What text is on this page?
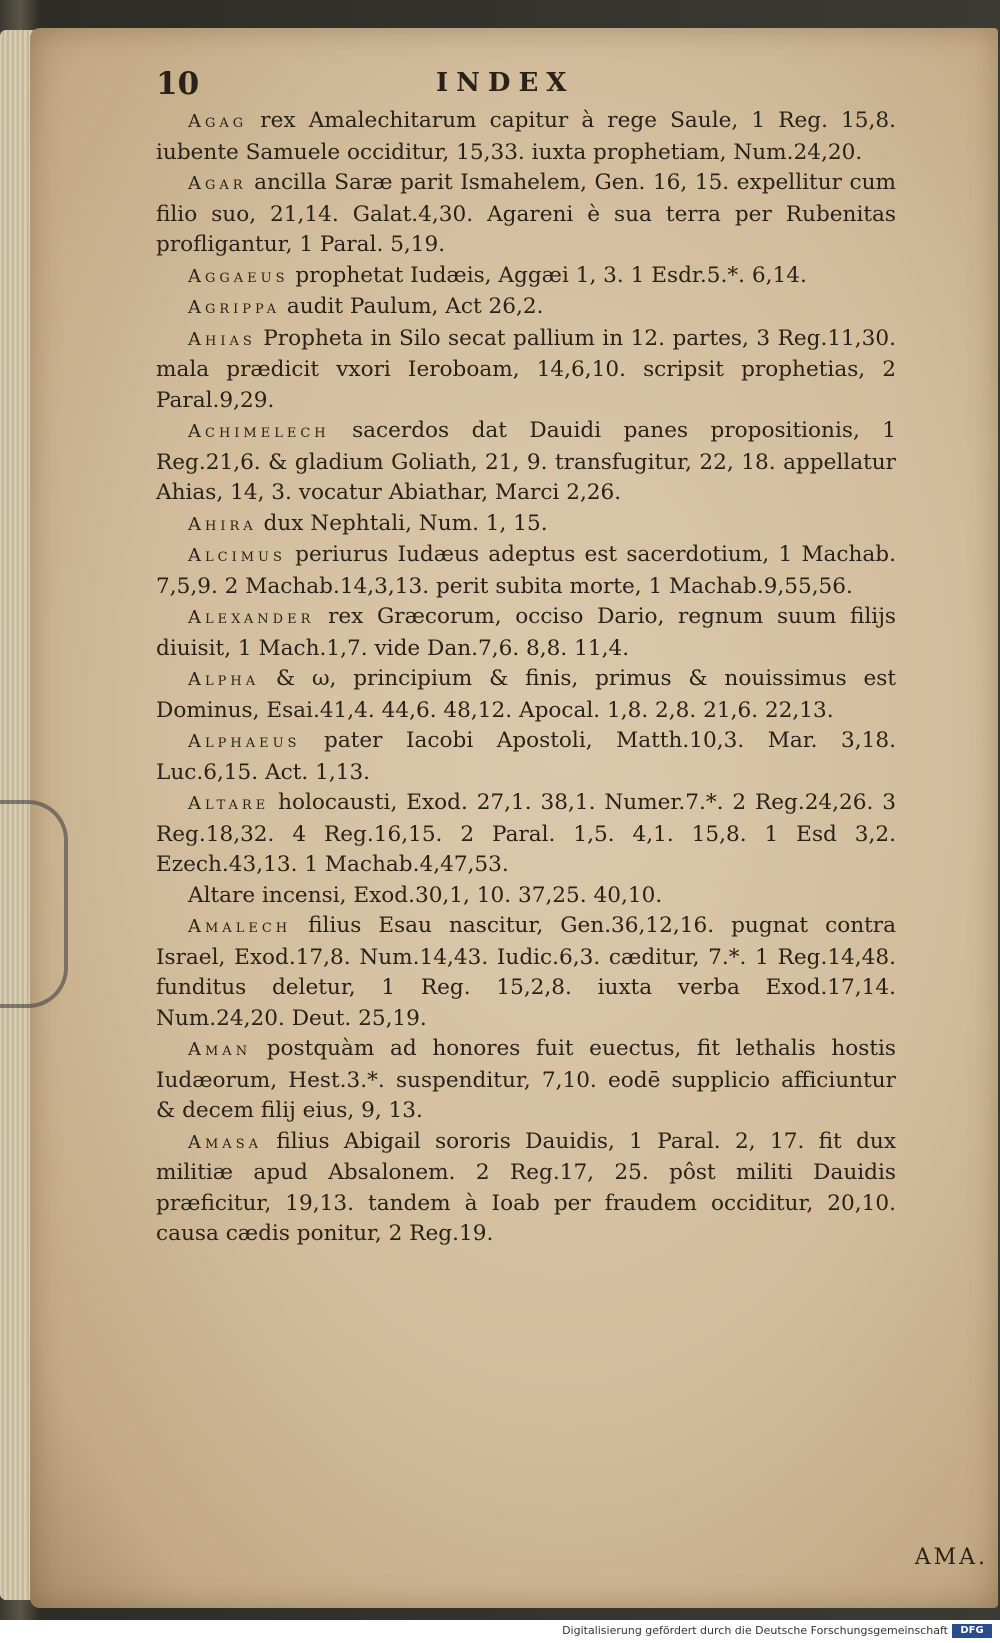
10	INDEX

Agag rex Amalechitarum capitur à rege Saule, 1 Reg. 15,8. iubente Samuele occiditur, 15,33. iuxta prophetiam, Num.24,20.

Agar ancilla Saræ parit Ismahelem, Gen. 16, 15. expellitur cum filio suo, 21,14. Galat.4,30. Agareni è sua terra per Rubenitas profligantur, 1 Paral. 5,19.

Aggaeus prophetat Iudæis, Aggæi 1, 3. 1 Esdr.5.*. 6,14.

Agrippa audit Paulum, Act 26,2.

Ahias Propheta in Silo secat pallium in 12. partes, 3 Reg.11,30. mala prædicit vxori Ieroboam, 14,6,10. scripsit prophetias, 2 Paral.9,29.

Achimelech sacerdos dat Dauidi panes propositionis, 1 Reg.21,6. & gladium Goliath, 21, 9. transfugitur, 22, 18. appellatur Ahias, 14, 3. vocatur Abiathar, Marci 2,26.

Ahira dux Nephtali, Num. 1, 15.

Alcimus periurus Iudæus adeptus est sacerdotium, 1 Machab. 7,5,9. 2 Machab.14,3,13. perit subita morte, 1 Machab.9,55,56.

Alexander rex Græcorum, occiso Dario, regnum suum filijs diuisit, 1 Mach.1,7. vide Dan.7,6. 8,8. 11,4.

Alpha & ω, principium & finis, primus & nouissimus est Dominus, Esai.41,4. 44,6. 48,12. Apocal. 1,8. 2,8. 21,6. 22,13.

Alphaeus pater Iacobi Apostoli, Matth.10,3. Mar. 3,18. Luc.6,15. Act. 1,13.

Altare holocausti, Exod. 27,1. 38,1. Numer.7.*. 2 Reg.24,26. 3 Reg.18,32. 4 Reg.16,15. 2 Paral. 1,5. 4,1. 15,8. 1 Esd 3,2. Ezech.43,13. 1 Machab.4,47,53.

Altare incensi, Exod.30,1, 10. 37,25. 40,10.

Amalech filius Esau nascitur, Gen.36,12,16. pugnat contra Israel, Exod.17,8. Num.14,43. Iudic.6,3. cæditur, 7.*. 1 Reg.14,48. funditus deletur, 1 Reg. 15,2,8. iuxta verba Exod.17,14. Num.24,20. Deut. 25,19.

Aman postquàm ad honores fuit euectus, fit lethalis hostis Iudæorum, Hest.3.*. suspenditur, 7,10. eodē supplicio afficiuntur & decem filij eius, 9, 13.

Amasa filius Abigail sororis Dauidis, 1 Paral. 2, 17. fit dux militiæ apud Absalonem. 2 Reg.17, 25. pôst militi Dauidis præficitur, 19,13. tandem à Ioab per fraudem occiditur, 20,10. causa cædis ponitur, 2 Reg.19.

AMA.
Digitalisierung gefördert durch die Deutsche Forschungsgemeinschaft	DFG
